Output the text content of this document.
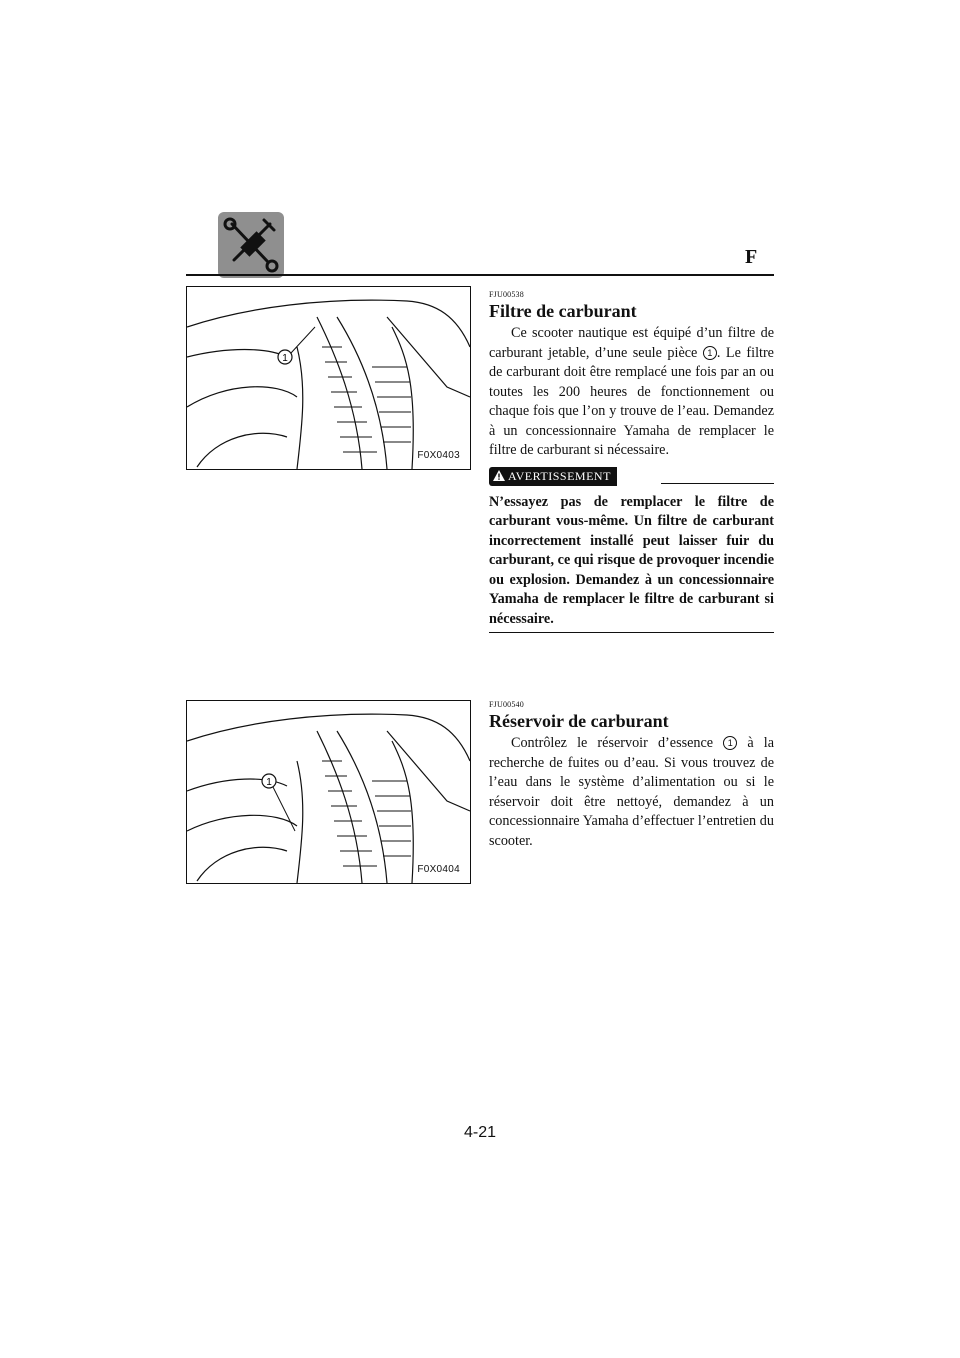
F
1
F0X0403
1
F0X0404
FJU00538
Filtre de carburant

Ce scooter nautique est équipé d’un filtre de carburant jetable, d’une seule pièce 1 . Le filtre de carburant doit être remplacé une fois par an ou toutes les 200 heures de fonctionnement ou chaque fois que l’on y trouve de l’eau. Demandez à un concessionnaire Yamaha de remplacer le filtre de carburant si nécessaire.

AVERTISSEMENT

N’essayez pas de remplacer le filtre de carburant vous-même. Un filtre de carburant incorrectement installé peut laisser fuir du carburant, ce qui risque de provoquer incendie ou explosion. Demandez à un concessionnaire Yamaha de remplacer le filtre de carburant si nécessaire.

FJU00540
Réservoir de carburant

Contrôlez le réservoir d’essence 1 à la recherche de fuites ou d’eau. Si vous trouvez de l’eau dans le système d’alimentation ou si le réservoir doit être nettoyé, demandez à un concessionnaire Yamaha d’effectuer l’entretien du scooter.

4-21
